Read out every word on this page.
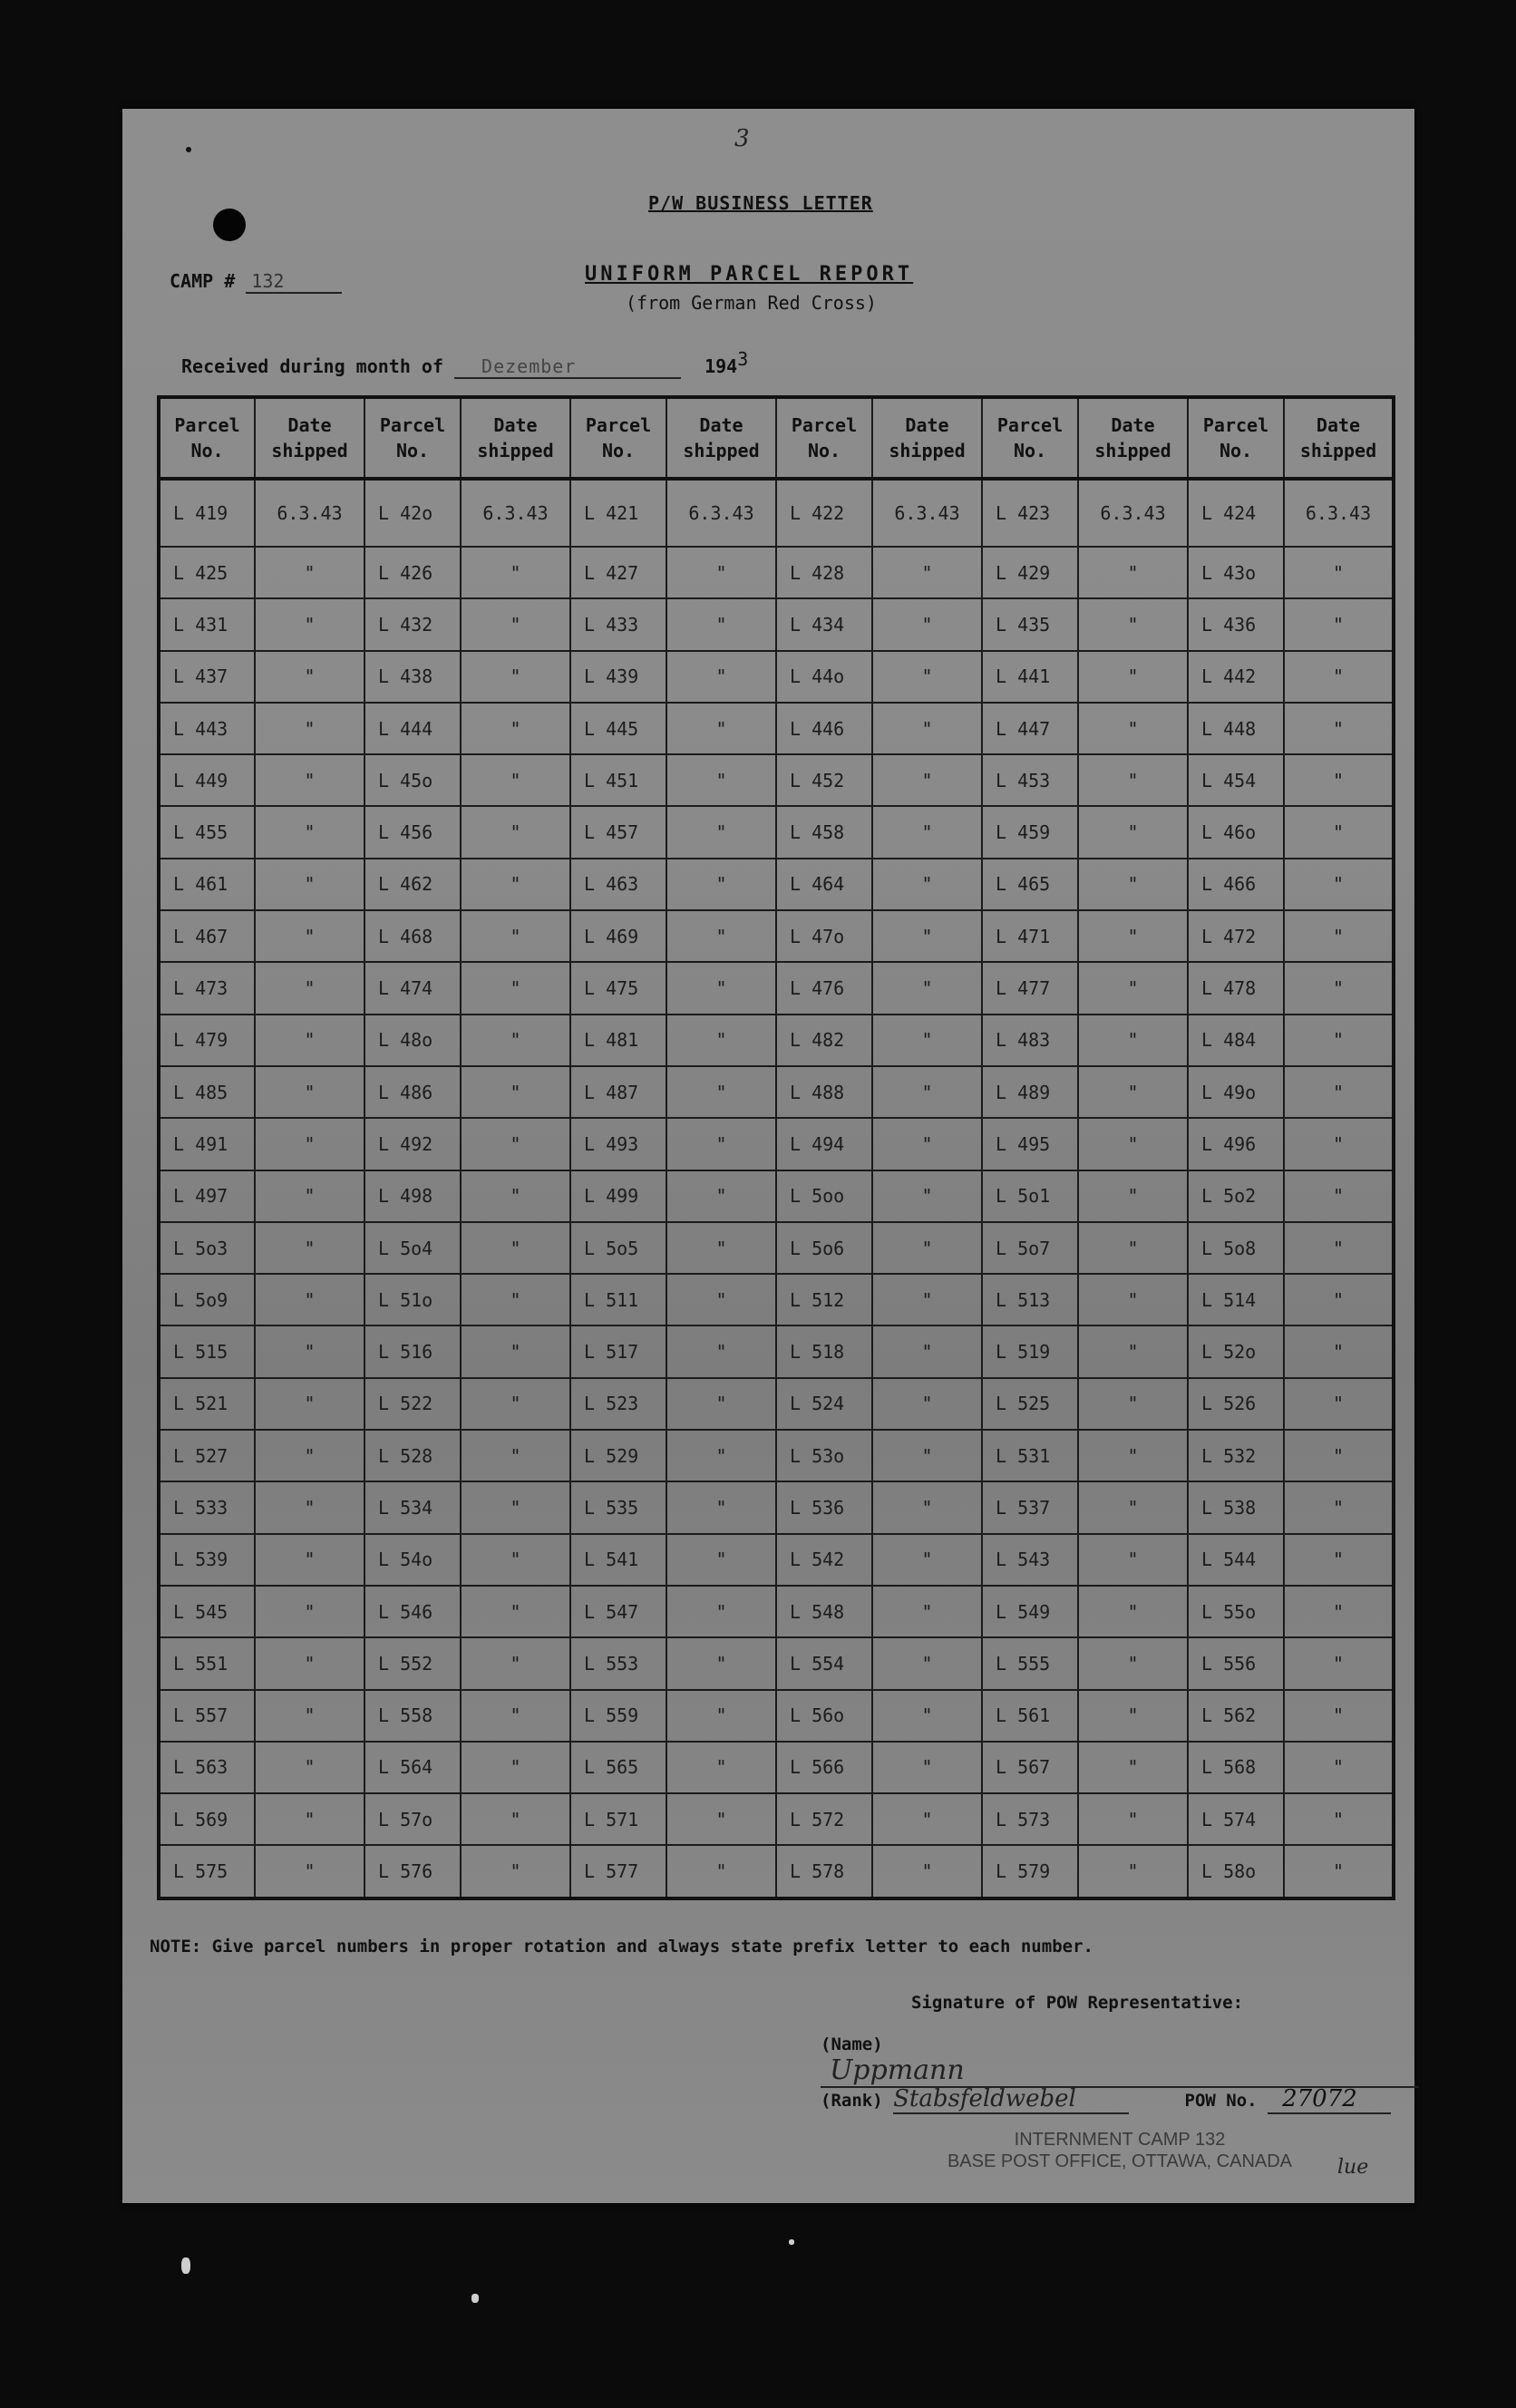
3
P/W BUSINESS LETTER
CAMP # 132	UNIFORM PARCEL REPORT
(from German Red Cross)
Received during month of Dezember	1943
Parcel No.	Date shipped	Parcel No.	Date shipped	Parcel No.	Date shipped	Parcel No.	Date shipped	Parcel No.	Date shipped	Parcel No.	Date shipped
L 419	6.3.43	L 42o	6.3.43	L 421	6.3.43	L 422	6.3.43	L 423	6.3.43	L 424	6.3.43
L 425	"	L 426	"	L 427	"	L 428	"	L 429	"	L 43o	"
L 431	"	L 432	"	L 433	"	L 434	"	L 435	"	L 436	"
L 437	"	L 438	"	L 439	"	L 44o	"	L 441	"	L 442	"
L 443	"	L 444	"	L 445	"	L 446	"	L 447	"	L 448	"
L 449	"	L 45o	"	L 451	"	L 452	"	L 453	"	L 454	"
L 455	"	L 456	"	L 457	"	L 458	"	L 459	"	L 46o	"
L 461	"	L 462	"	L 463	"	L 464	"	L 465	"	L 466	"
L 467	"	L 468	"	L 469	"	L 47o	"	L 471	"	L 472	"
L 473	"	L 474	"	L 475	"	L 476	"	L 477	"	L 478	"
L 479	"	L 48o	"	L 481	"	L 482	"	L 483	"	L 484	"
L 485	"	L 486	"	L 487	"	L 488	"	L 489	"	L 49o	"
L 491	"	L 492	"	L 493	"	L 494	"	L 495	"	L 496	"
L 497	"	L 498	"	L 499	"	L 5oo	"	L 5o1	"	L 5o2	"
L 5o3	"	L 5o4	"	L 5o5	"	L 5o6	"	L 5o7	"	L 5o8	"
L 5o9	"	L 51o	"	L 511	"	L 512	"	L 513	"	L 514	"
L 515	"	L 516	"	L 517	"	L 518	"	L 519	"	L 52o	"
L 521	"	L 522	"	L 523	"	L 524	"	L 525	"	L 526	"
L 527	"	L 528	"	L 529	"	L 53o	"	L 531	"	L 532	"
L 533	"	L 534	"	L 535	"	L 536	"	L 537	"	L 538	"
L 539	"	L 54o	"	L 541	"	L 542	"	L 543	"	L 544	"
L 545	"	L 546	"	L 547	"	L 548	"	L 549	"	L 55o	"
L 551	"	L 552	"	L 553	"	L 554	"	L 555	"	L 556	"
L 557	"	L 558	"	L 559	"	L 56o	"	L 561	"	L 562	"
L 563	"	L 564	"	L 565	"	L 566	"	L 567	"	L 568	"
L 569	"	L 57o	"	L 571	"	L 572	"	L 573	"	L 574	"
L 575	"	L 576	"	L 577	"	L 578	"	L 579	"	L 58o	"
NOTE: Give parcel numbers in proper rotation and always state prefix letter to each number.
Signature of POW Representative:
(Name) Uppmann
(Rank) Stabsfeldwebel	POW No. 27072
INTERNMENT CAMP 132
BASE POST OFFICE, OTTAWA, CANADA	lue
